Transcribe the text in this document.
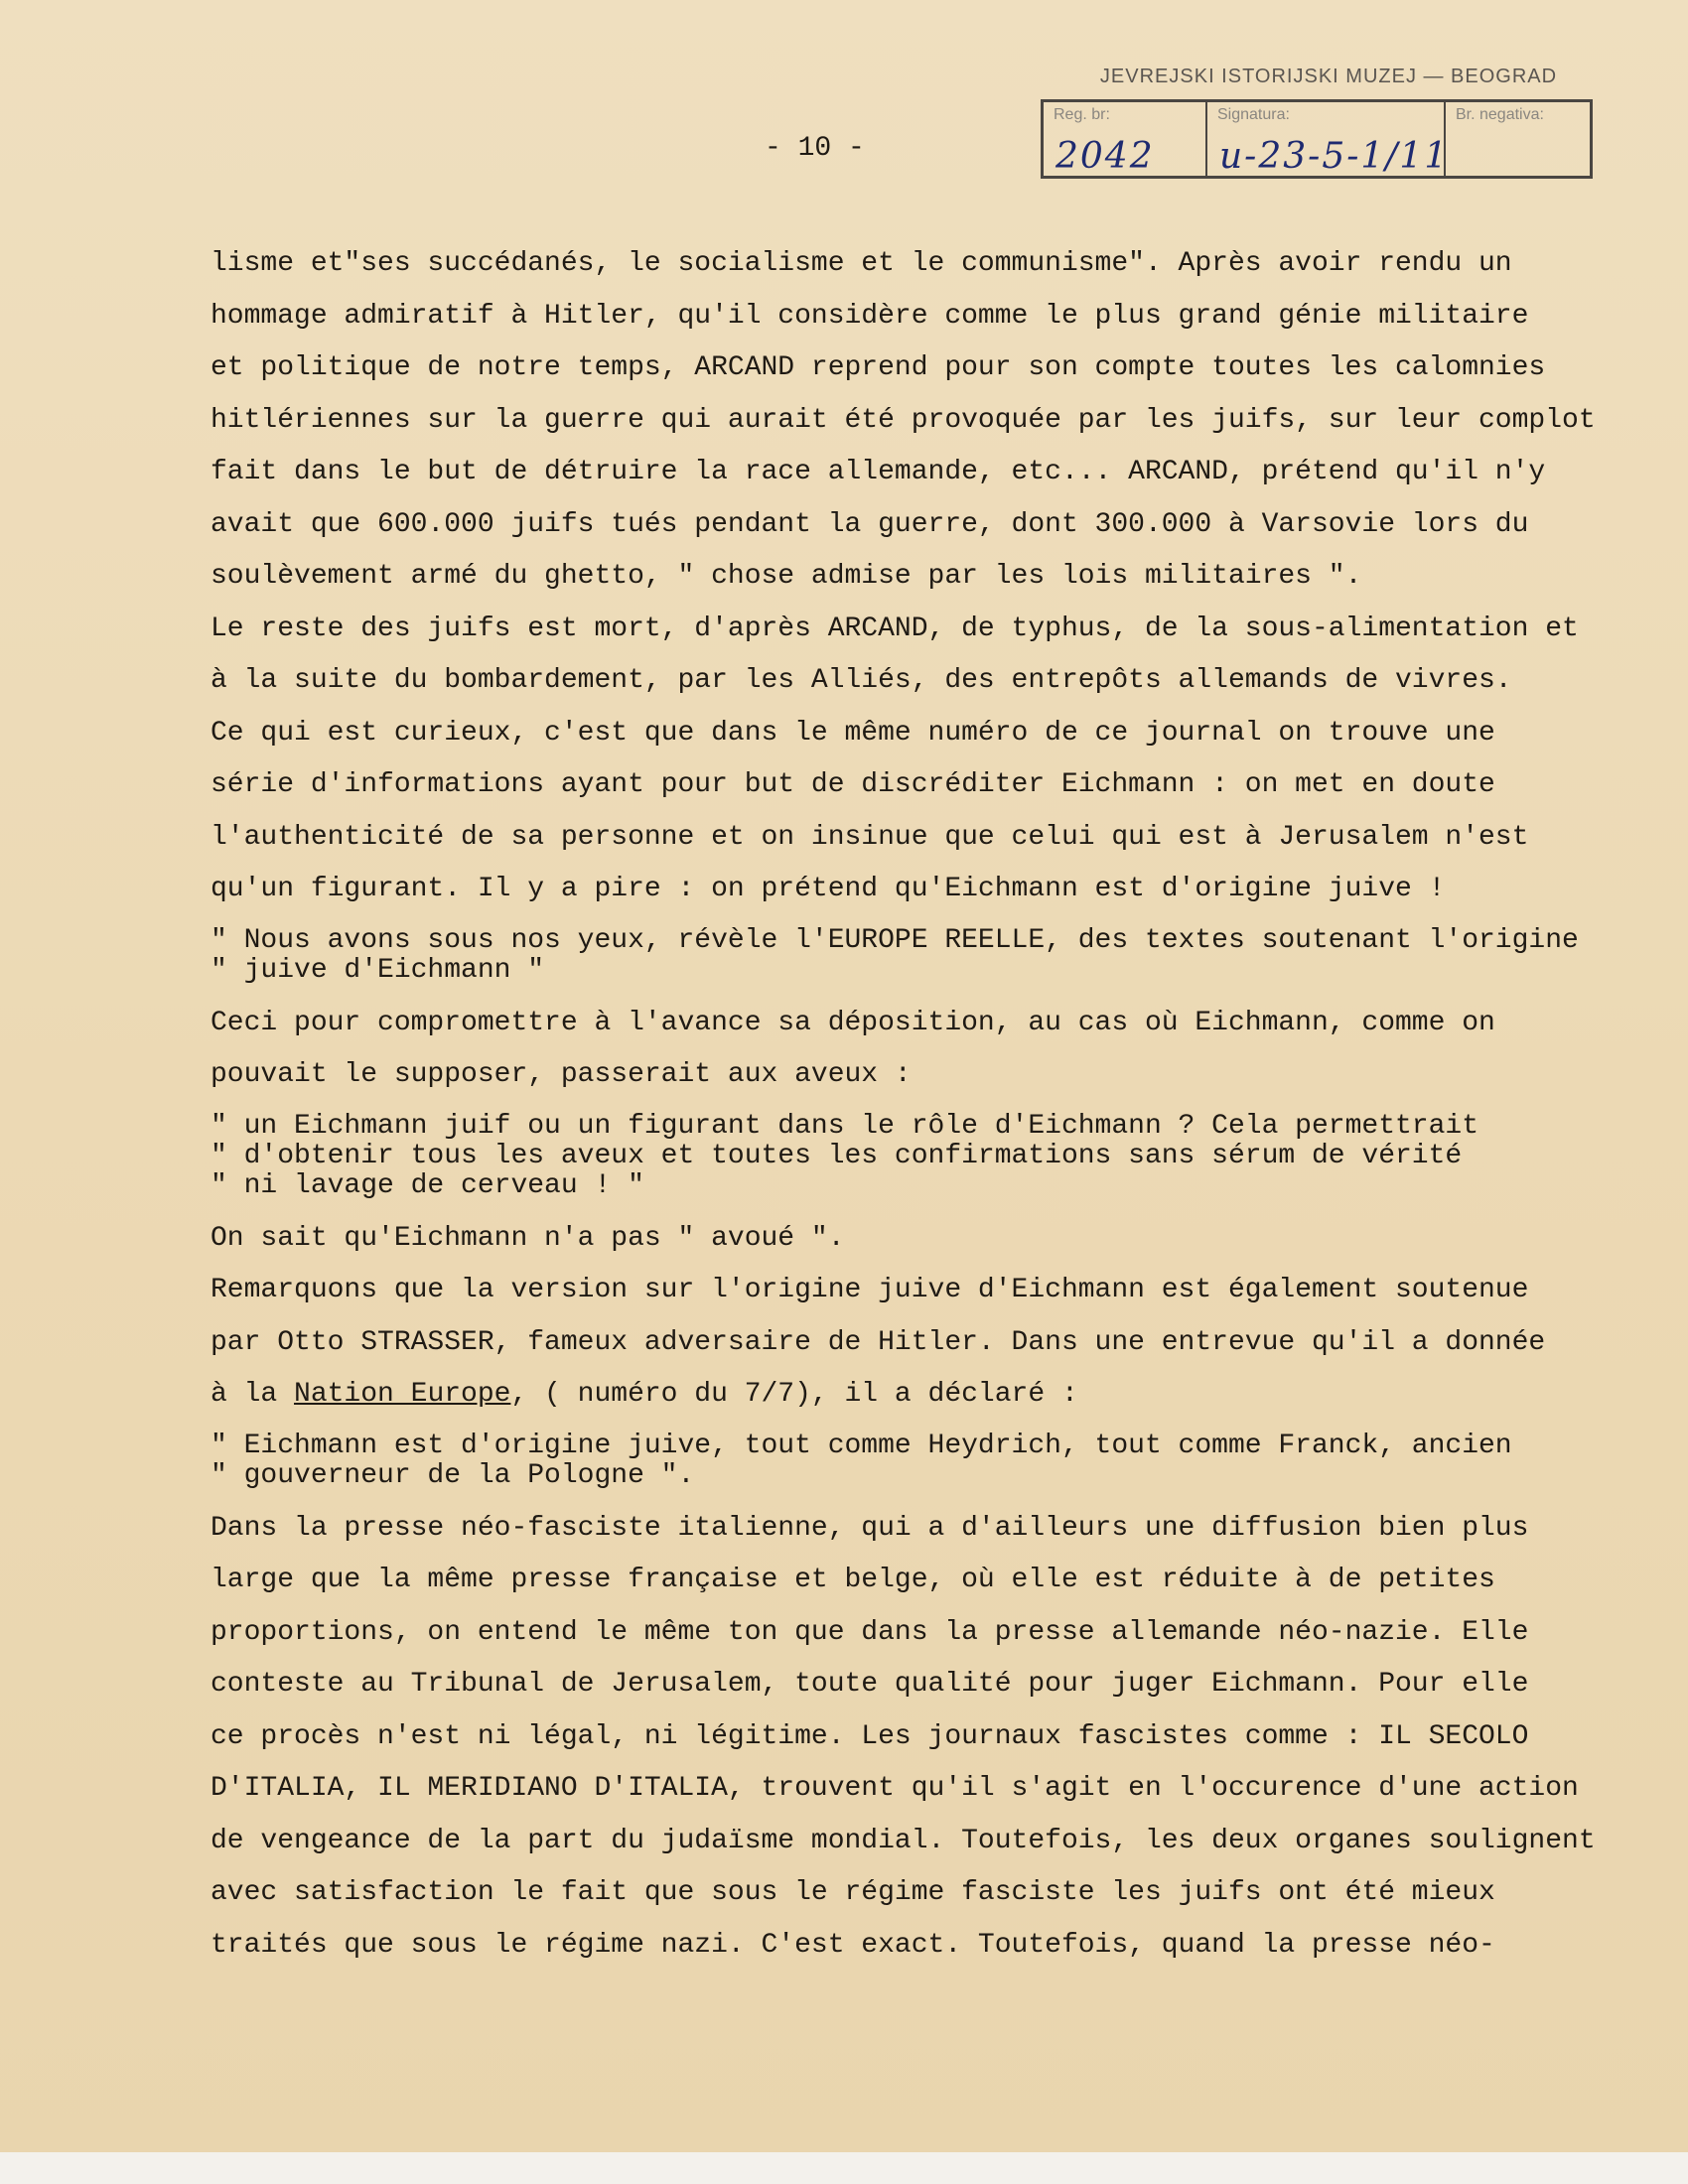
JEVREJSKI ISTORIJSKI MUZEJ — BEOGRAD
Reg. br:
2042
Signatura:
u-23-5-1/11
Br. negativa:
- 10 -
lisme et"ses succédanés, le socialisme et le communisme". Après avoir rendu un
hommage admiratif à Hitler, qu'il considère comme le plus grand génie militaire
et politique de notre temps, ARCAND reprend pour son compte toutes les calomnies
hitlériennes sur la guerre qui aurait été provoquée par les juifs, sur leur complot
fait dans le but de détruire la race allemande, etc... ARCAND, prétend qu'il n'y
avait que 600.000 juifs tués pendant la guerre, dont 300.000 à Varsovie lors du
soulèvement armé du ghetto, " chose admise par les lois militaires ".
Le reste des juifs est mort, d'après ARCAND, de typhus, de la sous-alimentation et
à la suite du bombardement, par les Alliés, des entrepôts allemands de vivres.
Ce qui est curieux, c'est que dans le même numéro de ce journal on trouve une
série d'informations ayant pour but de discréditer Eichmann : on met en doute
l'authenticité de sa personne et on insinue que celui qui est à Jerusalem n'est
qu'un figurant. Il y a pire : on prétend qu'Eichmann est d'origine juive !
" Nous avons sous nos yeux, révèle l'EUROPE REELLE, des textes soutenant l'origine
" juive d'Eichmann "
Ceci pour compromettre à l'avance sa déposition, au cas où Eichmann, comme on
pouvait le supposer, passerait aux aveux :
" un Eichmann juif ou un figurant dans le rôle d'Eichmann ? Cela permettrait
" d'obtenir tous les aveux et toutes les confirmations sans sérum de vérité
" ni lavage de cerveau ! "
On sait qu'Eichmann n'a pas " avoué ".
Remarquons que la version sur l'origine juive d'Eichmann est également soutenue
par Otto STRASSER, fameux adversaire de Hitler. Dans une entrevue qu'il a donnée
à la Nation Europe, ( numéro du 7/7), il a déclaré :
" Eichmann est d'origine juive, tout comme Heydrich, tout comme Franck, ancien
" gouverneur de la Pologne ".
Dans la presse néo-fasciste italienne, qui a d'ailleurs une diffusion bien plus
large que la même presse française et belge, où elle est réduite à de petites
proportions, on entend le même ton que dans la presse allemande néo-nazie. Elle
conteste au Tribunal de Jerusalem, toute qualité pour juger Eichmann. Pour elle
ce procès n'est ni légal, ni légitime. Les journaux fascistes comme : IL SECOLO
D'ITALIA, IL MERIDIANO D'ITALIA, trouvent qu'il s'agit en l'occurence d'une action
de vengeance de la part du judaïsme mondial. Toutefois, les deux organes soulignent
avec satisfaction le fait que sous le régime fasciste les juifs ont été mieux
traités que sous le régime nazi. C'est exact. Toutefois, quand la presse néo-
